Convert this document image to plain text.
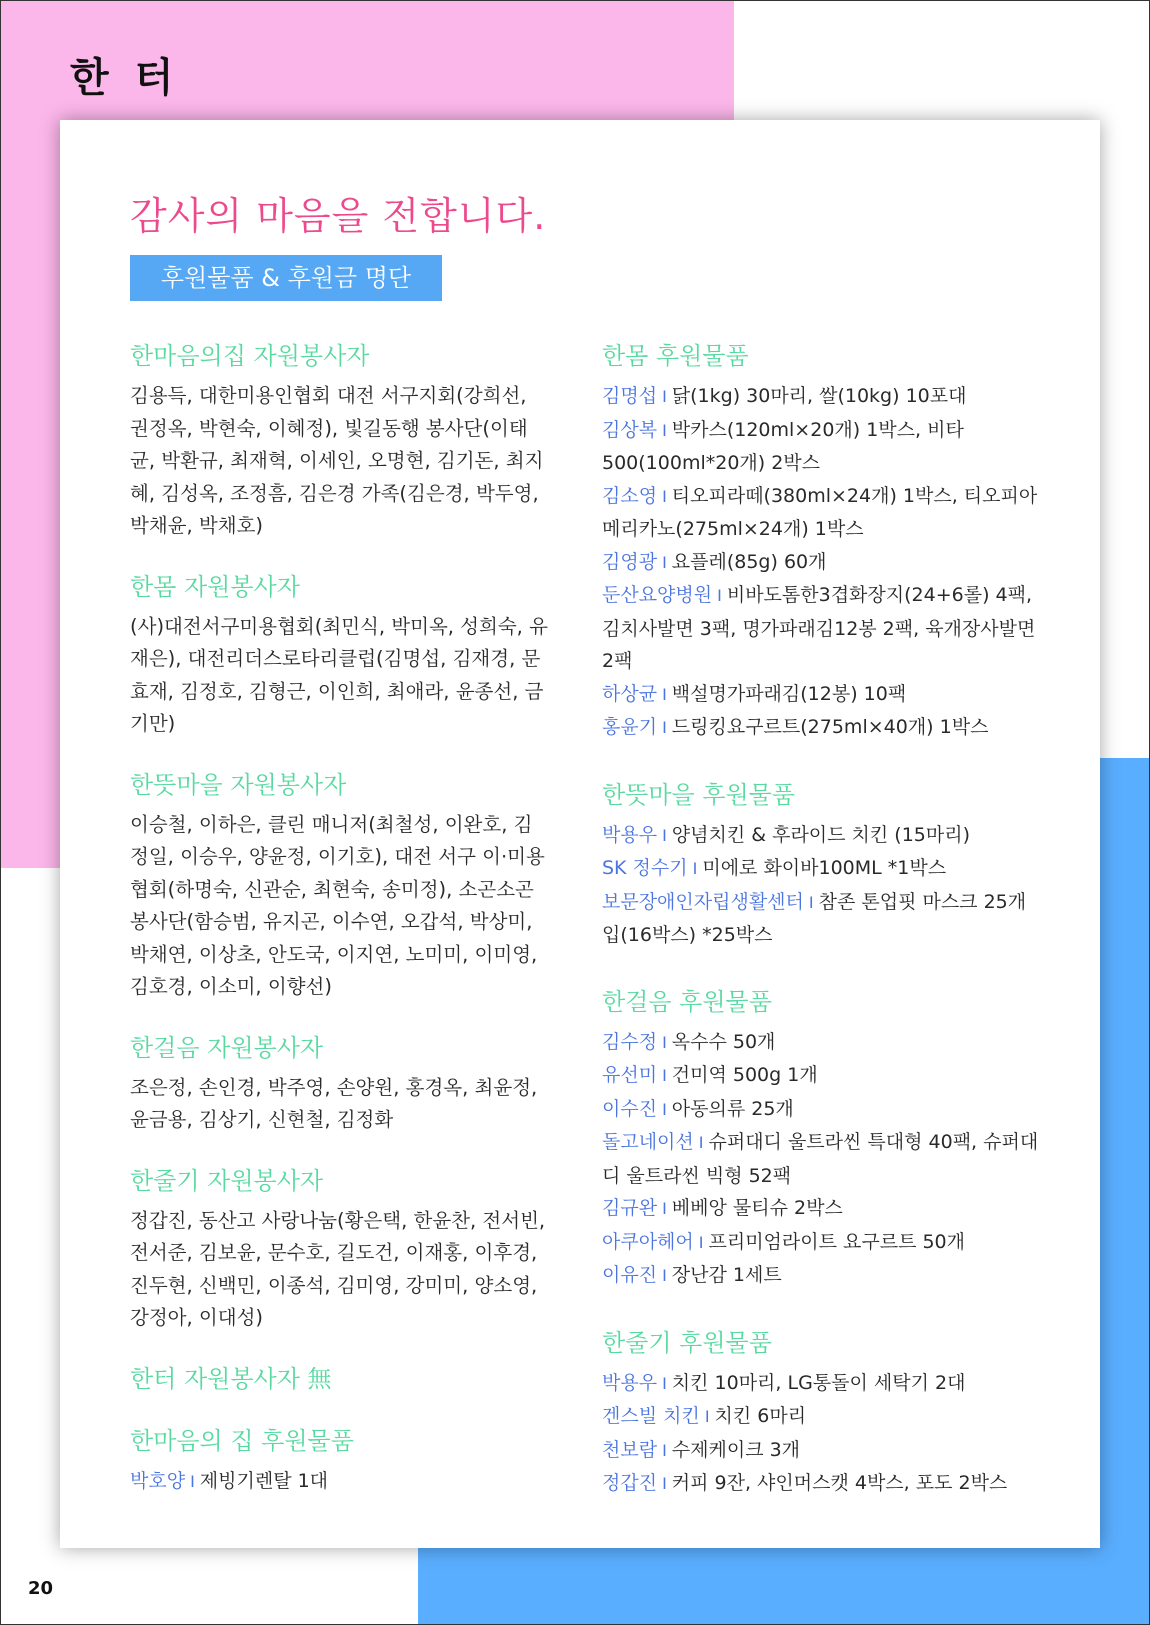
한 터
감사의 마음을 전합니다.
후원물품 & 후원금 명단
한마음의집 자원봉사자

김용득, 대한미용인협회 대전 서구지회(강희선, 권정옥, 박현숙, 이혜정), 빛길동행 봉사단(이태균, 박환규, 최재혁, 이세인, 오명현, 김기돈, 최지혜, 김성옥, 조정흠, 김은경 가족(김은경, 박두영, 박채윤, 박채호)

한몸 자원봉사자

(사)대전서구미용협회(최민식, 박미옥, 성희숙, 유재은), 대전리더스로타리클럽(김명섭, 김재경, 문효재, 김정호, 김형근, 이인희, 최애라, 윤종선, 금기만)

한뜻마을 자원봉사자

이승철, 이하은, 클린 매니저(최철성, 이완호, 김정일, 이승우, 양윤정, 이기호), 대전 서구 이·미용 협회(하명숙, 신관순, 최현숙, 송미정), 소곤소곤봉사단(함승범, 유지곤, 이수연, 오갑석, 박상미, 박채연, 이상초, 안도국, 이지연, 노미미, 이미영, 김호경, 이소미, 이향선)

한걸음 자원봉사자

조은정, 손인경, 박주영, 손양원, 홍경옥, 최윤정, 윤금용, 김상기, 신현철, 김정화

한줄기 자원봉사자

정갑진, 동산고 사랑나눔(황은택, 한윤찬, 전서빈, 전서준, 김보윤, 문수호, 길도건, 이재홍, 이후경, 진두현, 신백민, 이종석, 김미영, 강미미, 양소영, 강정아, 이대성)

한터 자원봉사자 無
한마음의 집 후원물품
박호양 I 제빙기렌탈 1대
한몸 후원물품
김명섭 I 닭(1kg) 30마리, 쌀(10kg) 10포대
김상복 I 박카스(120ml×20개) 1박스, 비타500(100ml*20개) 2박스
김소영 I 티오피라떼(380ml×24개) 1박스, 티오피아메리카노(275ml×24개) 1박스
김영광 I 요플레(85g) 60개
둔산요양병원 I 비바도톰한3겹화장지(24+6롤) 4팩, 김치사발면 3팩, 명가파래김12봉 2팩, 육개장사발면 2팩
하상균 I 백설명가파래김(12봉) 10팩
홍윤기 I 드링킹요구르트(275ml×40개) 1박스
한뜻마을 후원물품
박용우 I 양념치킨 & 후라이드 치킨 (15마리)
SK 정수기 I 미에로 화이바100ML *1박스
보문장애인자립생활센터 I 참존 톤업핏 마스크 25개입(16박스) *25박스
한걸음 후원물품
김수정 I 옥수수 50개
유선미 I 건미역 500g 1개
이수진 I 아동의류 25개
돌고네이션 I 슈퍼대디 울트라씬 특대형 40팩, 슈퍼대디 울트라씬 빅형 52팩
김규완 I 베베앙 물티슈 2박스
아쿠아헤어 I 프리미엄라이트 요구르트 50개
이유진 I 장난감 1세트
한줄기 후원물품
박용우 I 치킨 10마리, LG통돌이 세탁기 2대
겐스빌 치킨 I 치킨 6마리
천보람 I 수제케이크 3개
정갑진 I 커피 9잔, 샤인머스캣 4박스, 포도 2박스
20
